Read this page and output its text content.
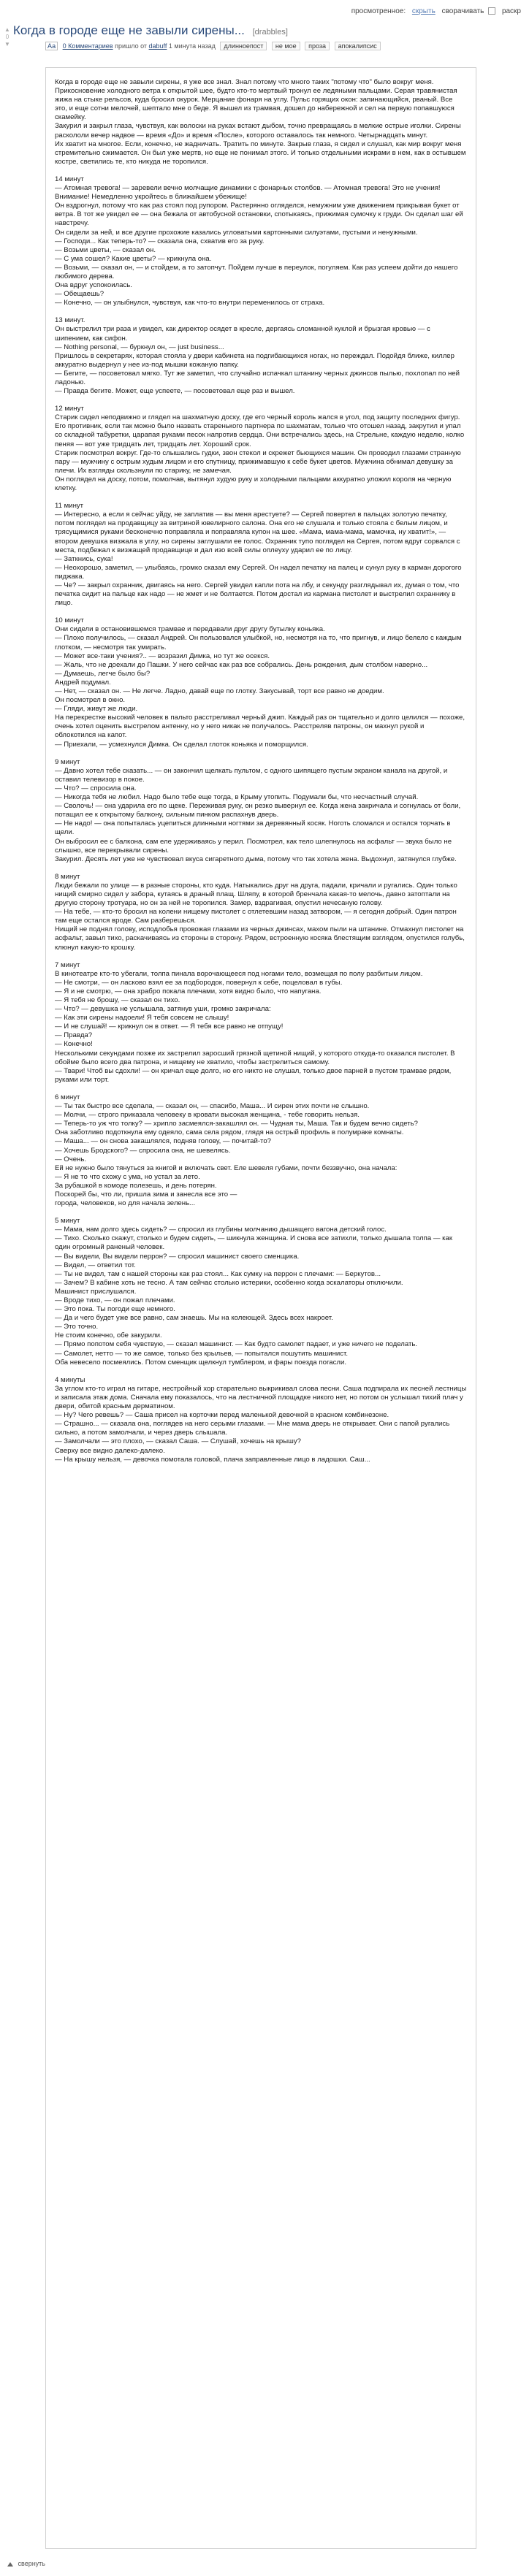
просмотренное: скрыть сворачивать раскр
▲
0
▼
Когда в городе еще не завыли сирены... [drabbles]
Аа 0 Комментариев пришло от dabuff 1 минута назад длинноепост не мое проза апокалипсис

Когда в городе еще не завыли сирены, я уже все знал. Знал потому что много таких "потому что" было вокруг меня. Прикосновение холодного ветра к открытой шее, будто кто-то мертвый тронул ее ледяными пальцами. Серая травянистая жижа на стыке рельсов, куда бросил окурок. Мерцание фонаря на углу. Пульс горящих окон: запинающийся, рваный. Все это, и еще сотни мелочей, шептало мне о беде. Я вышел из трамвая, дошел до набережной и сел на первую попавшуюся скамейку.
Закурил и закрыл глаза, чувствуя, как волоски на руках встают дыбом, точно превращаясь в мелкие острые иголки. Сирены раскололи вечер надвое — время «До» и время «После», которого оставалось так немного. Четырнадцать минут.
Их хватит на многое. Если, конечно, не жадничать. Тратить по минуте. Закрыв глаза, я сидел и слушал, как мир вокруг меня стремительно сжимается. Он был уже мертв, но еще не понимал этого. И только отдельными искрами в нем, как в остывшем костре, светились те, кто никуда не торопился.

14 минут
— Атомная тревога! — заревели вечно молчащие динамики с фонарных столбов. — Атомная тревога! Это не учения! Внимание! Немедленно укройтесь в ближайшем убежище!
Он вздрогнул, потому что как раз стоял под рупором. Растерянно огляделся, немужним уже движением прикрывая букет от ветра. В тот же увидел ее — она бежала от автобусной остановки, спотыкаясь, прижимая сумочку к груди. Он сделал шаг ей навстречу.
Он сидели за ней, и все другие прохожие казались угловатыми картонными силуэтами, пустыми и ненужными.
— Господи... Как теперь-то? — сказала она, схватив его за руку.
— Возьми цветы, — сказал он.
— С ума сошел? Какие цветы? — крикнула она.
— Возьми, — сказал он, — и стойдем, а то затопчут. Пойдем лучше в переулок, погуляем. Как раз успеем дойти до нашего любимого дерева.
Она вдруг успокоилась.
— Обещаешь?
— Конечно, — он улыбнулся, чувствуя, как что-то внутри переменилось от страха.

13 минут.
Он выстрелил три раза и увидел, как директор осядет в кресле, дергаясь сломанной куклой и брызгая кровью — с шипением, как сифон.
— Nothing personal, — буркнул он, — just business...
Пришлось в секретарях, которая стояла у двери кабинета на подгибающихся ногах, но переждал. Подойдя ближе, киллер аккуратно выдернул у нее из-под мышки кожаную папку.
— Бегите, — посоветовал мягко. Тут же заметил, что случайно испачкал штанину черных джинсов пылью, похлопал по ней ладонью.
— Правда бегите. Может, еще успеете, — посоветовал еще раз и вышел.

12 минут
Старик сидел неподвижно и глядел на шахматную доску, где его черный король жался в угол, под защиту последних фигур. Его противник, если так можно было назвать старенького партнера по шахматам, только что отошел назад, закрутил и упал со складной табуретки, царапая руками песок напротив сердца. Они встречались здесь, на Стрельне, каждую неделю, колко пеняя — вот уже тридцать лет, тридцать лет. Хороший срок.
Старик посмотрел вокруг. Где-то слышались гудки, звон стекол и скрежет бьющихся машин. Он проводил глазами странную пару — мужчину с острым худым лицом и его спутницу, прижимавшую к себе букет цветов. Мужчина обнимал девушку за плечи. Их взгляды скользнули по старику, не замечая.
Он поглядел на доску, потом, помолчав, вытянул худую руку и холодными пальцами аккуратно уложил короля на черную клетку.

11 минут
— Интересно, а если я сейчас уйду, не заплатив — вы меня арестуете? — Сергей повертел в пальцах золотую печатку, потом поглядел на продавщицу за витриной ювелирного салона. Она его не слушала и только стояла с белым лицом, и трясущимися руками бесконечно поправляла и поправляла купон на шее. «Мама, мама-мама, мамочка, ну хватит!», — втором девушка визжала в углу, но сирены заглушали ее голос. Охранник тупо поглядел на Сергея, потом вдруг сорвался с места, подбежал к визжащей продавщице и дал изо всей силы оплеуху ударил ее по лицу.
— Заткнись, сука!
— Неохорошо, заметил, — улыбаясь, громко сказал ему Сергей. Он надел печатку на палец и сунул руку в карман дорогого пиджака.
— Че? — закрыл охранник, двигаясь на него. Сергей увидел капли пота на лбу, и секунду разглядывал их, думая о том, что печатка сидит на пальце как надо — не жмет и не болтается. Потом достал из кармана пистолет и выстрелил охраннику в лицо.

10 минут
Они сидели в остановившемся трамвае и передавали друг другу бутылку коньяка.
— Плохо получилось, — сказал Андрей. Он пользовался улыбкой, но, несмотря на то, что пригнув, и лицо белело с каждым глотком, — несмотря так умирать.
— Может все-таки учения?.. — возразил Димка, но тут же осекся.
— Жаль, что не доехали до Пашки. У него сейчас как раз все собрались. День рождения, дым столбом наверно...
— Думаешь, легче было бы?
Андрей подумал.
— Нет, — сказал он. — Не легче. Ладно, давай еще по глотку. Закусывай, торт все равно не доедим.
Он посмотрел в окно.
— Гляди, живут же люди.
На перекрестке высокий человек в пальто расстреливал черный джип. Каждый раз он тщательно и долго целился — похоже, очень хотел оценить выстрелом антенну, но у него никак не получалось. Расстреляв патроны, он махнул рукой и облокотился на капот.
— Приехали, — усмехнулся Димка. Он сделал глоток коньяка и поморщился.

9 минут
— Давно хотел тебе сказать... — он закончил щелкать пультом, с одного шипящего пустым экраном канала на другой, и оставил телевизор в покое.
— Что? — спросила она.
— Никогда тебя не любил. Надо было тебе еще тогда, в Крыму утопить. Подумали бы, что несчастный случай.
— Сволочь! — она ударила его по щеке. Переживая руку, он резко вывернул ее. Когда жена закричала и согнулась от боли, потащил ее к открытому балкону, сильным пинком распахнув дверь.
— Не надо! — она попыталась уцепиться длинными ногтями за деревянный косяк. Ноготь сломался и остался торчать в щели.
Он выбросил ее с балкона, сам еле удерживаясь у перил. Посмотрел, как тело шлепнулось на асфальт — звука было не слышно, все перекрывали сирены.
Закурил. Десять лет уже не чувствовал вкуса сигаретного дыма, потому что так хотела жена. Выдохнул, затянулся глубже.

8 минут
Люди бежали по улице — в разные стороны, кто куда. Натыкались друг на друга, падали, кричали и ругались. Один только нищий смирно сидел у забора, кутаясь в драный плащ. Шляпу, в которой бренчала какая-то мелочь, давно затоптали на другую сторону тротуара, но он за ней не торопился. Замер, вздрагивая, опустил нечесаную голову.
— На тебе, — кто-то бросил на колени нищему пистолет с отлетевшим назад затвором, — я сегодня добрый. Один патрон там еще остался вроде. Сам разберешься.
Нищий не поднял голову, исподлобья провожая глазами из черных джинсах, махом пыли на штанине. Отмахнул пистолет на асфальт, завыл тихо, раскачиваясь из стороны в сторону. Рядом, встроенную косяка блестящим взглядом, опустился голубь, клюнул какую-то крошку.

7 минут
В кинотеатре кто-то убегали, толпа пинала ворочающееся под ногами тело, возмещая по полу разбитым лицом.
— Не смотри, — он ласково взял ее за подбородок, повернул к себе, поцеловал в губы.
— Я и не смотрю, — она храбро покала плечами, хотя видно было, что напугана.
— Я тебя не брошу, — сказал он тихо.
— Что? — девушка не услышала, затянув уши, громко закричала:
— Как эти сирены надоели! Я тебя совсем не слышу!
— И не слушай! — крикнул он в ответ. — Я тебя все равно не отпущу!
— Правда?
— Конечно!
Несколькими секундами позже их застрелил заросший грязной щетиной нищий, у которого откуда-то оказался пистолет. В обойме было всего два патрона, и нищему не хватило, чтобы застрелиться самому.
— Твари! Чтоб вы сдохли! — он кричал еще долго, но его никто не слушал, только двое парней в пустом трамвае рядом, руками или торт.

6 минут
— Ты так быстро все сделала, — сказал он, — спасибо, Маша... И сирен этих почти не слышно.
— Молчи, — строго приказала человеку в кровати высокая женщина, - тебе говорить нельзя.
— Теперь-то уж что толку? — хрипло засмеялся-закашлял он. — Чудная ты, Маша. Так и будем вечно сидеть?
Она заботливо подоткнула ему одеяло, сама села рядом, глядя на острый профиль в полумраке комнаты.
— Маша... — он снова закашлялся, подняв голову, — почитай-то?
— Хочешь Бродского? — спросила она, не шевелясь.
— Очень.
Ей не нужно было тянуться за книгой и включать свет. Еле шевеля губами, почти беззвучно, она начала:
— Я не то что схожу с ума, но устал за лето.
За рубашкой в комоде полезешь, и день потерян.
Поскорей бы, что ли, пришла зима и занесла все это —
города, человеков, но для начала зелень...

5 минут
— Мама, нам долго здесь сидеть? — спросил из глубины молчанию дышащего вагона детский голос.
— Тихо. Сколько скажут, столько и будем сидеть, — шикнула женщина. И снова все затихли, только дышала толпа — как один огромный раненый человек.
— Вы видели, Вы видели перрон? — спросил машинист своего сменщика.
— Видел, — ответил тот.
— Ты не видел, там с нашей стороны как раз стоял... Как сумку на перрон с плечами: — Беркутов...
— Зачем? В кабине хоть не тесно. А там сейчас столько истерики, особенно когда эскалаторы отключили.
Машинист прислушался.
— Вроде тихо, — он пожал плечами.
— Это пока. Ты погоди еще немного.
— Да и чего будет уже все равно, сам знаешь. Мы на колеющей. Здесь всех накроет.
— Это точно.
Не стоим конечно, обе закурили.
— Прямо попотом себя чувствую, — сказал машинист. — Как будто самолет падает, и уже ничего не поделать.
— Самолет, нетто — то же самое, только без крыльев, — попытался пошутить машинист.
Оба невесело посмеялись. Потом сменщик щелкнул тумблером, и фары поезда погасли.

4 минуты
За углом кто-то играл на гитаре, нестройный хор старательно выкрикивал слова песни. Саша подпирала их песней лестницы и записала этаж дома. Сначала ему показалось, что на лестничной площадке никого нет, но потом он услышал тихий плач у двери, обитой красным дерматином.
— Ну? Чего ревешь? — Саша присел на корточки перед маленькой девочкой в красном комбинезоне.
— Страшно... — сказала она, поглядев на него серыми глазами. — Мне мама дверь не открывает. Они с папой ругались сильно, а потом замолчали, и через дверь слышала.
— Замолчали — это плохо, — сказал Саша. — Слушай, хочешь на крышу?
Сверху все видно далеко-далеко.
— На крышу нельзя, — девочка помотала головой, плача заправленные лицо в ладошки. Саш...

свернуть
